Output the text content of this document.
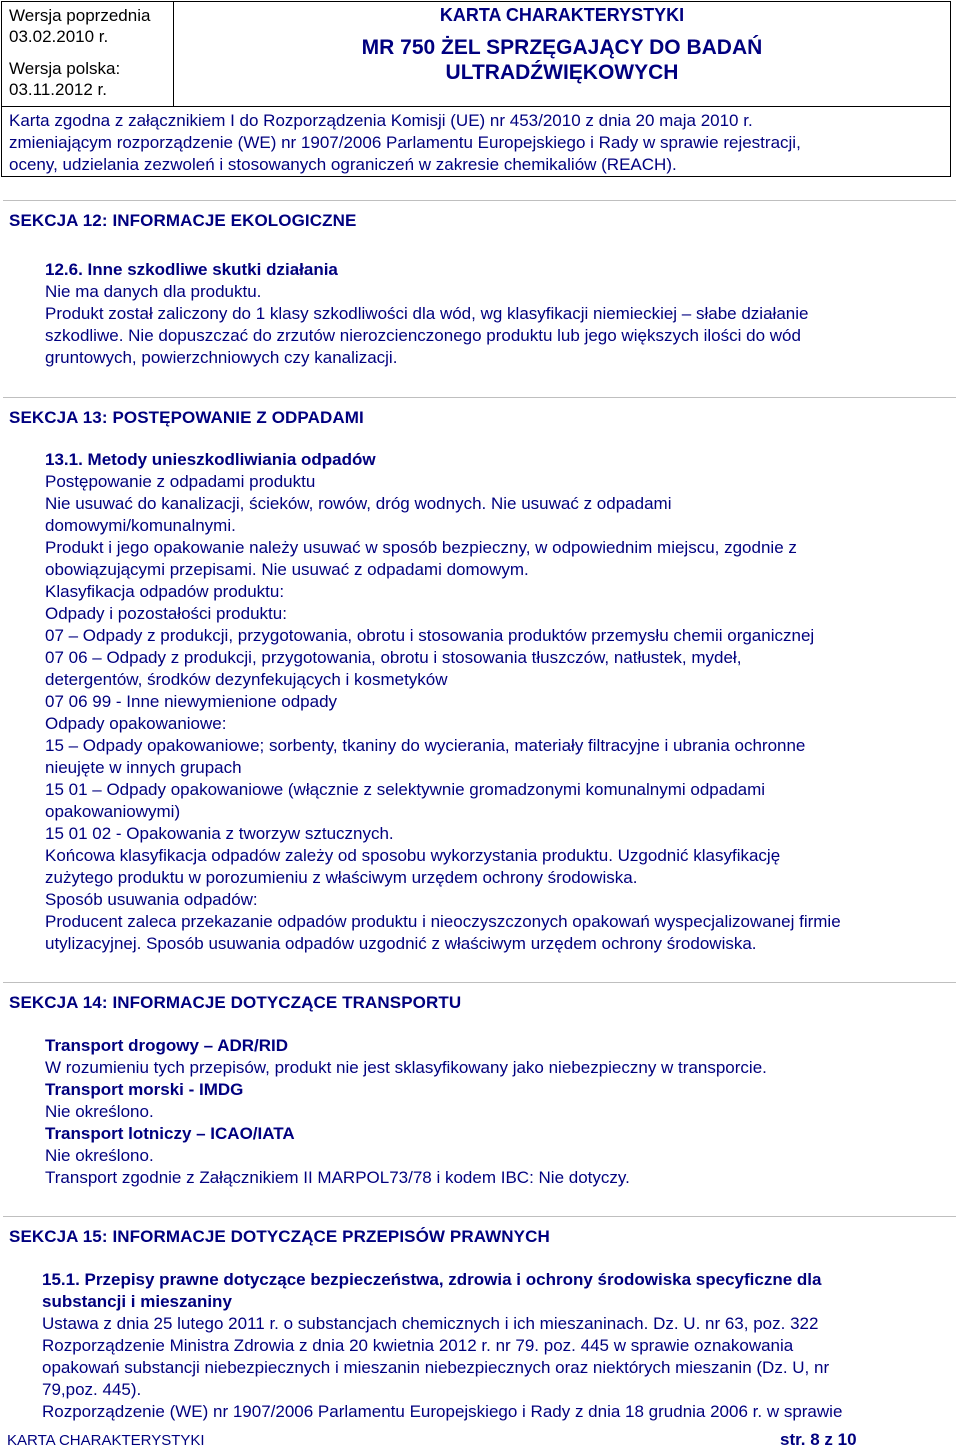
Wersja poprzednia
03.02.2010 r.
Wersja polska:
03.11.2012 r.
KARTA CHARAKTERYSTYKI
MR 750 ŻEL SPRZĘGAJĄCY DO BADAŃ
ULTRADŹWIĘKOWYCH
Karta zgodna z załącznikiem I do Rozporządzenia Komisji (UE) nr 453/2010 z dnia 20 maja 2010 r.
zmieniającym rozporządzenie (WE) nr 1907/2006 Parlamentu Europejskiego i Rady w sprawie rejestracji,
oceny, udzielania zezwoleń i stosowanych ograniczeń w zakresie chemikaliów (REACH).
SEKCJA 12: INFORMACJE EKOLOGICZNE
12.6. Inne szkodliwe skutki działania
Nie ma danych dla produktu.
Produkt został zaliczony do 1 klasy szkodliwości dla wód, wg klasyfikacji niemieckiej – słabe działanie
szkodliwe. Nie dopuszczać do zrzutów nierozcienczonego produktu lub jego większych ilości do wód
gruntowych, powierzchniowych czy kanalizacji.
SEKCJA 13: POSTĘPOWANIE Z ODPADAMI
13.1. Metody unieszkodliwiania odpadów
Postępowanie z odpadami produktu
Nie usuwać do kanalizacji, ścieków, rowów, dróg wodnych. Nie usuwać z odpadami
domowymi/komunalnymi.
Produkt i jego opakowanie należy usuwać w sposób bezpieczny, w odpowiednim miejscu, zgodnie z
obowiązującymi przepisami. Nie usuwać z odpadami domowym.
Klasyfikacja odpadów produktu:
Odpady i pozostałości produktu:
07 – Odpady z produkcji, przygotowania, obrotu i stosowania produktów przemysłu chemii organicznej
07 06 – Odpady z produkcji, przygotowania, obrotu i stosowania tłuszczów, natłustek, mydeł,
detergentów, środków dezynfekujących i kosmetyków
07 06 99 - Inne niewymienione odpady
Odpady opakowaniowe:
15 – Odpady opakowaniowe; sorbenty, tkaniny do wycierania, materiały filtracyjne i ubrania ochronne
nieujęte w innych grupach
15 01 – Odpady opakowaniowe (włącznie z selektywnie gromadzonymi komunalnymi odpadami
opakowaniowymi)
15 01 02 - Opakowania z tworzyw sztucznych.
Końcowa klasyfikacja odpadów zależy od sposobu wykorzystania produktu. Uzgodnić klasyfikację
zużytego produktu w porozumieniu z właściwym urzędem ochrony środowiska.
Sposób usuwania odpadów:
Producent zaleca przekazanie odpadów produktu i nieoczyszczonych opakowań wyspecjalizowanej firmie
utylizacyjnej. Sposób usuwania odpadów uzgodnić z właściwym urzędem ochrony środowiska.
SEKCJA 14: INFORMACJE DOTYCZĄCE TRANSPORTU
Transport drogowy – ADR/RID
W rozumieniu tych przepisów, produkt nie jest sklasyfikowany jako niebezpieczny w transporcie.
Transport morski - IMDG
Nie określono.
Transport lotniczy – ICAO/IATA
Nie określono.
Transport zgodnie z Załącznikiem II MARPOL73/78 i kodem IBC: Nie dotyczy.
SEKCJA 15: INFORMACJE DOTYCZĄCE PRZEPISÓW PRAWNYCH
15.1. Przepisy prawne dotyczące bezpieczeństwa, zdrowia i ochrony środowiska specyficzne dla
substancji i mieszaniny
Ustawa z dnia 25 lutego 2011 r. o substancjach chemicznych i ich mieszaninach. Dz. U. nr 63, poz. 322
Rozporządzenie Ministra Zdrowia z dnia 20 kwietnia 2012 r. nr 79. poz. 445 w sprawie oznakowania
opakowań substancji niebezpiecznych i mieszanin niebezpiecznych oraz niektórych mieszanin (Dz. U, nr
79,poz. 445).
Rozporządzenie (WE) nr 1907/2006 Parlamentu Europejskiego i Rady z dnia 18 grudnia 2006 r. w sprawie
KARTA CHARAKTERYSTYKI	str. 8 z 10
